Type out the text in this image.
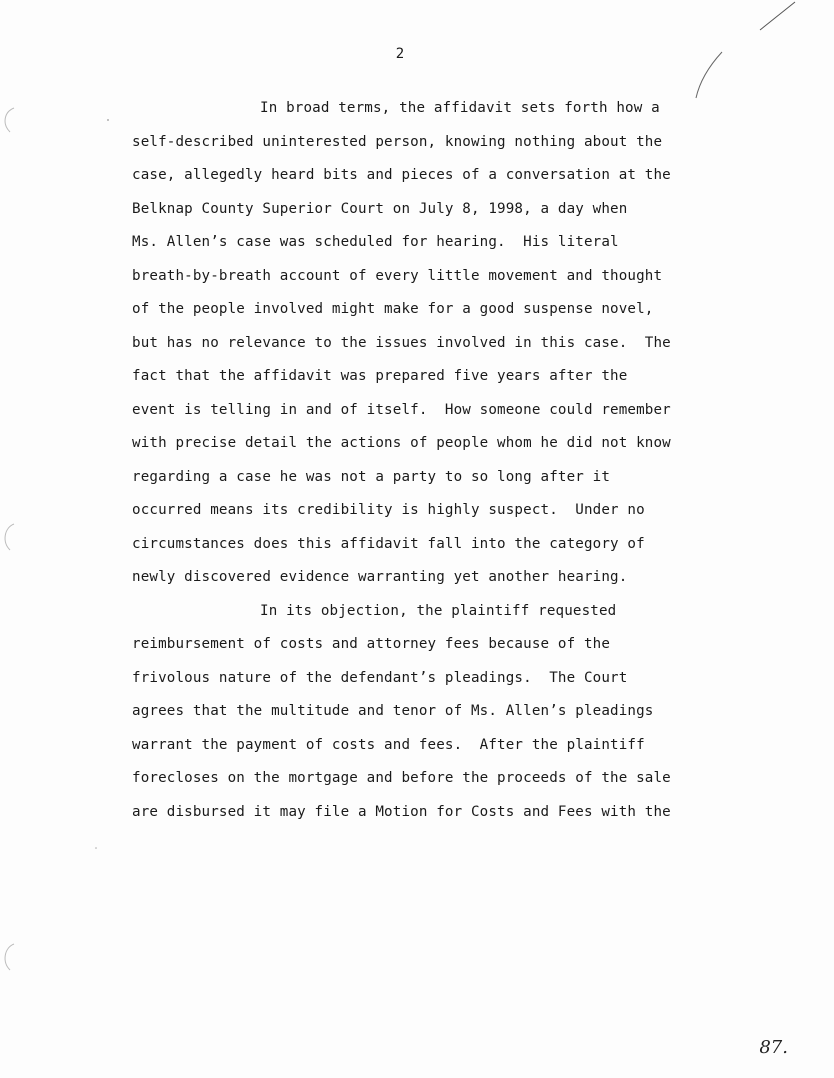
2
In broad terms, the affidavit sets forth how a
self-described uninterested person, knowing nothing about the
case, allegedly heard bits and pieces of a conversation at the
Belknap County Superior Court on July 8, 1998, a day when
Ms. Allen’s case was scheduled for hearing.  His literal
breath-by-breath account of every little movement and thought
of the people involved might make for a good suspense novel,
but has no relevance to the issues involved in this case.  The
fact that the affidavit was prepared five years after the
event is telling in and of itself.  How someone could remember
with precise detail the actions of people whom he did not know
regarding a case he was not a party to so long after it
occurred means its credibility is highly suspect.  Under no
circumstances does this affidavit fall into the category of
newly discovered evidence warranting yet another hearing.
In its objection, the plaintiff requested
reimbursement of costs and attorney fees because of the
frivolous nature of the defendant’s pleadings.  The Court
agrees that the multitude and tenor of Ms. Allen’s pleadings
warrant the payment of costs and fees.  After the plaintiff
forecloses on the mortgage and before the proceeds of the sale
are disbursed it may file a Motion for Costs and Fees with the
87.
